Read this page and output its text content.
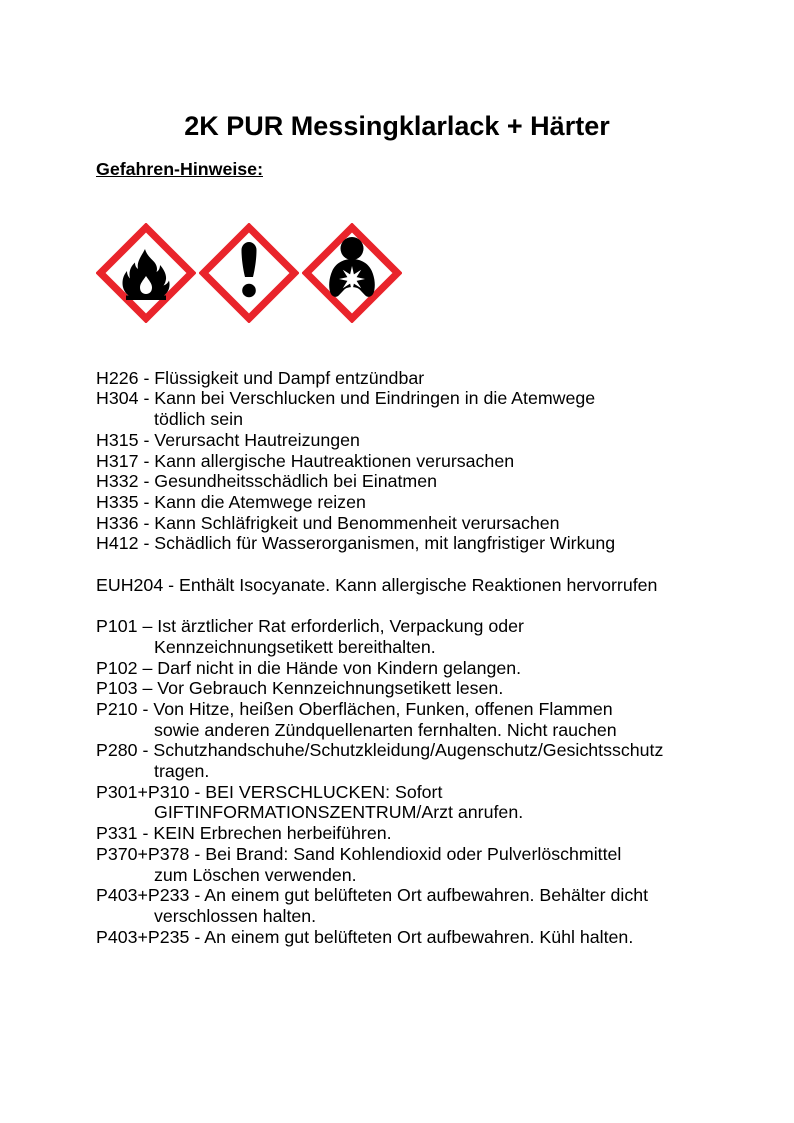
2K PUR Messingklarlack + Härter
Gefahren-Hinweise:
H226 - Flüssigkeit und Dampf entzündbar
H304 - Kann bei Verschlucken und Eindringen in die Atemwege
tödlich sein
H315 - Verursacht Hautreizungen
H317 - Kann allergische Hautreaktionen verursachen
H332 - Gesundheitsschädlich bei Einatmen
H335 - Kann die Atemwege reizen
H336 - Kann Schläfrigkeit und Benommenheit verursachen
H412 - Schädlich für Wasserorganismen, mit langfristiger Wirkung
EUH204 - Enthält Isocyanate. Kann allergische Reaktionen hervorrufen
P101 – Ist ärztlicher Rat erforderlich, Verpackung oder
Kennzeichnungsetikett bereithalten.
P102 – Darf nicht in die Hände von Kindern gelangen.
P103 – Vor Gebrauch Kennzeichnungsetikett lesen.
P210 - Von Hitze, heißen Oberflächen, Funken, offenen Flammen
sowie anderen Zündquellenarten fernhalten. Nicht rauchen
P280 - Schutzhandschuhe/Schutzkleidung/Augenschutz/Gesichtsschutz
tragen.
P301+P310 - BEI VERSCHLUCKEN: Sofort
GIFTINFORMATIONSZENTRUM/Arzt anrufen.
P331 - KEIN Erbrechen herbeiführen.
P370+P378 - Bei Brand: Sand Kohlendioxid oder Pulverlöschmittel
zum Löschen verwenden.
P403+P233 - An einem gut belüfteten Ort aufbewahren. Behälter dicht
verschlossen halten.
P403+P235 - An einem gut belüfteten Ort aufbewahren. Kühl halten.
